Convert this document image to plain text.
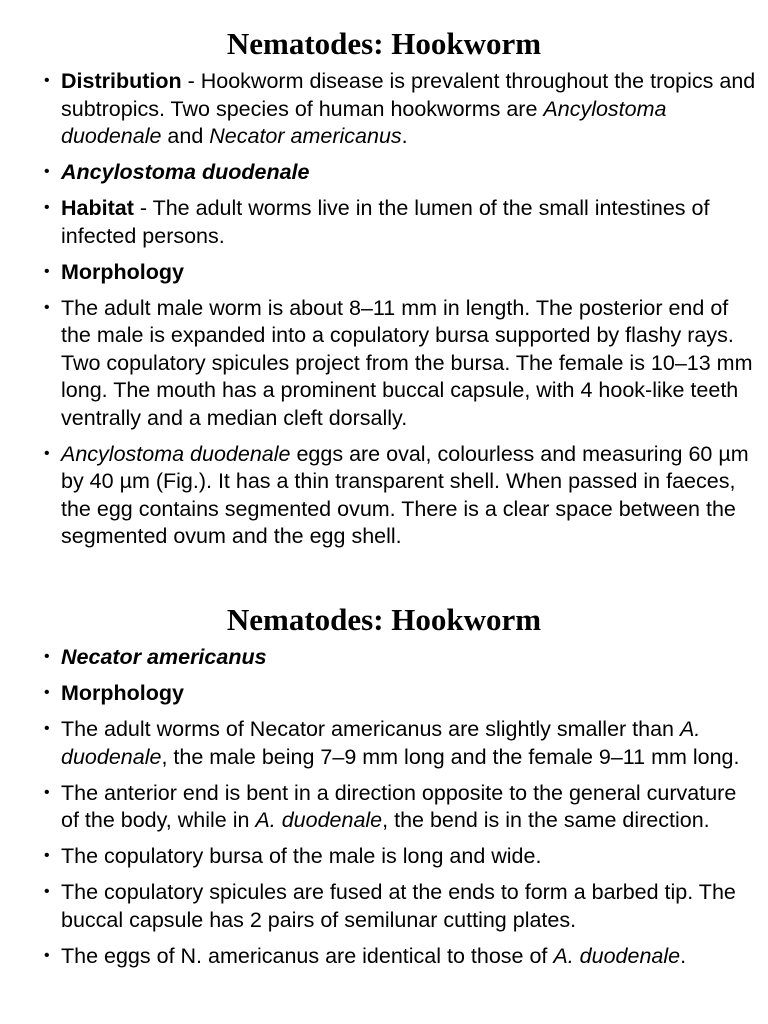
Nematodes: Hookworm
• Distribution - Hookworm disease is prevalent throughout the tropics and subtropics. Two species of human hookworms are Ancylostoma duodenale and Necator americanus.
• Ancylostoma duodenale
• Habitat - The adult worms live in the lumen of the small intestines of infected persons.
• Morphology
• The adult male worm is about 8–11 mm in length. The posterior end of the male is expanded into a copulatory bursa supported by flashy rays. Two copulatory spicules project from the bursa. The female is 10–13 mm long. The mouth has a prominent buccal capsule, with 4 hook-like teeth ventrally and a median cleft dorsally.
• Ancylostoma duodenale eggs are oval, colourless and measuring 60 µm by 40 µm (Fig.). It has a thin transparent shell. When passed in faeces, the egg contains segmented ovum. There is a clear space between the segmented ovum and the egg shell.
Nematodes: Hookworm
• Necator americanus
• Morphology
• The adult worms of Necator americanus are slightly smaller than A. duodenale, the male being 7–9 mm long and the female 9–11 mm long.
• The anterior end is bent in a direction opposite to the general curvature of the body, while in A. duodenale, the bend is in the same direction.
• The copulatory bursa of the male is long and wide.
• The copulatory spicules are fused at the ends to form a barbed tip. The buccal capsule has 2 pairs of semilunar cutting plates.
• The eggs of N. americanus are identical to those of A. duodenale.
